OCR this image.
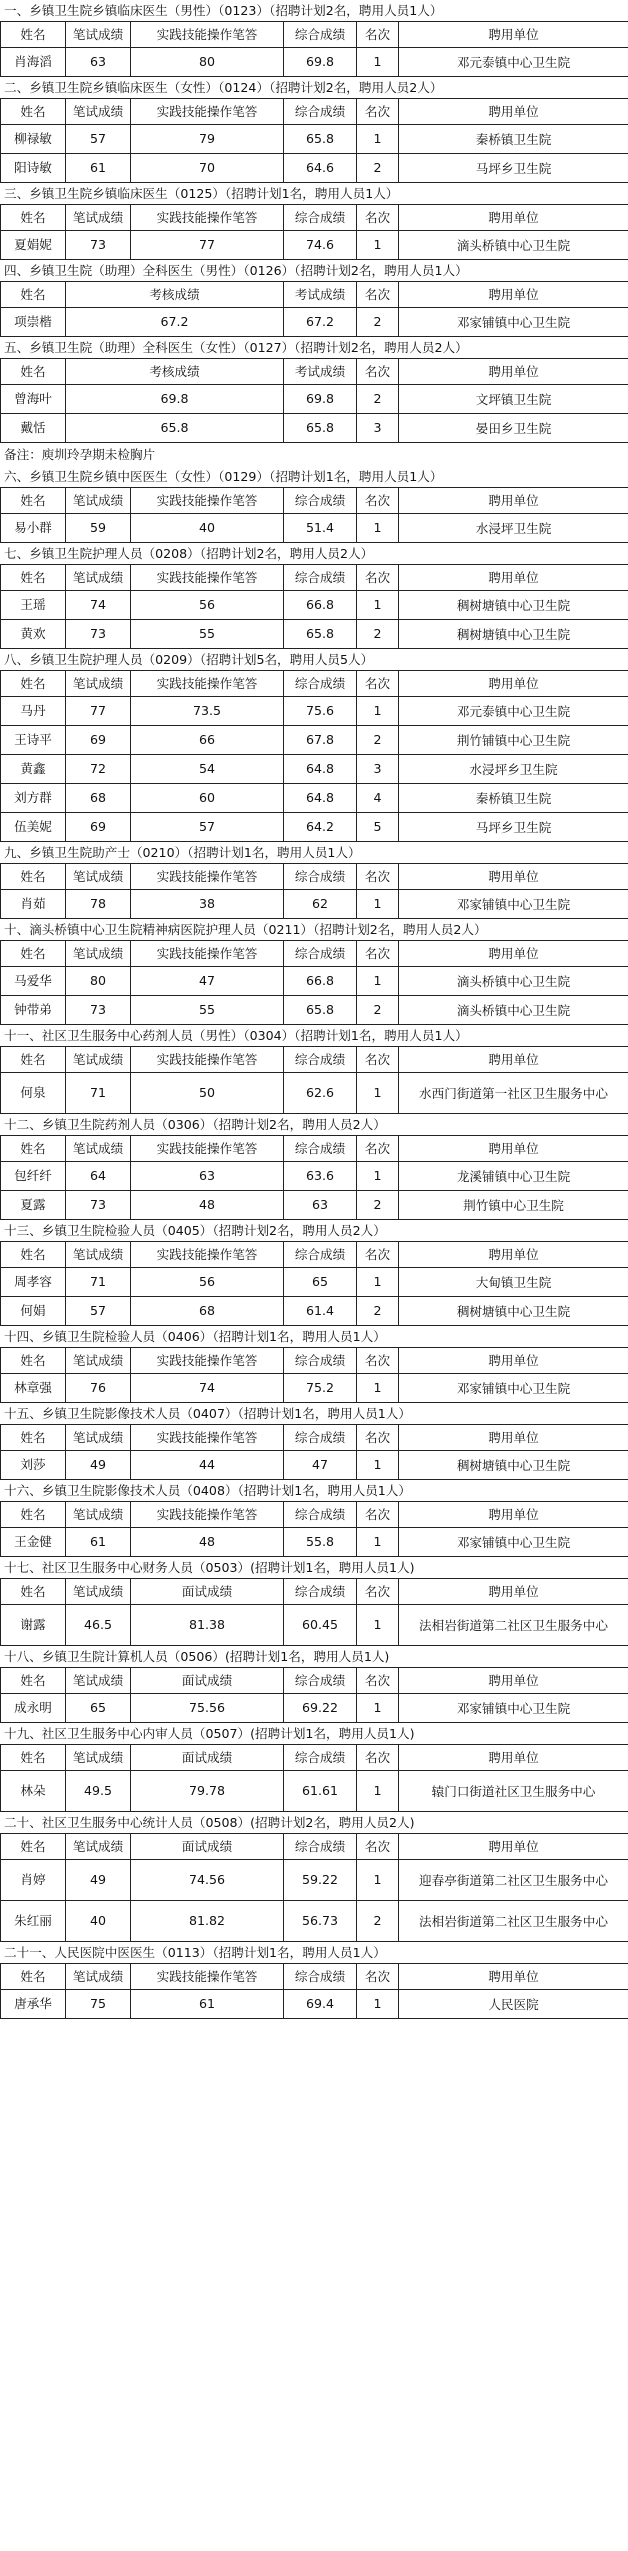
一、乡镇卫生院乡镇临床医生（男性）（0123）（招聘计划2名，聘用人员1人）
姓名	笔试成绩	实践技能操作笔答	综合成绩	名次	聘用单位
肖海滔	63	80	69.8	1	邓元泰镇中心卫生院
二、乡镇卫生院乡镇临床医生（女性）（0124）（招聘计划2名，聘用人员2人）
姓名	笔试成绩	实践技能操作笔答	综合成绩	名次	聘用单位
柳禄敏	57	79	65.8	1	秦桥镇卫生院
阳诗敏	61	70	64.6	2	马坪乡卫生院
三、乡镇卫生院乡镇临床医生（0125）（招聘计划1名，聘用人员1人）
姓名	笔试成绩	实践技能操作笔答	综合成绩	名次	聘用单位
夏娟妮	73	77	74.6	1	滴头桥镇中心卫生院
四、乡镇卫生院（助理）全科医生（男性）（0126）（招聘计划2名，聘用人员1人）
姓名	考核成绩	考试成绩	名次	聘用单位
项崇楷	67.2	67.2	2	邓家铺镇中心卫生院
五、乡镇卫生院（助理）全科医生（女性）（0127）（招聘计划2名，聘用人员2人）
姓名	考核成绩	考试成绩	名次	聘用单位
曾海叶	69.8	69.8	2	文坪镇卫生院
戴恬	65.8	65.8	3	晏田乡卫生院
备注：庾圳玲孕期未检胸片
六、乡镇卫生院乡镇中医医生（女性）（0129）（招聘计划1名，聘用人员1人）
姓名	笔试成绩	实践技能操作笔答	综合成绩	名次	聘用单位
易小群	59	40	51.4	1	水浸坪卫生院
七、乡镇卫生院护理人员（0208）（招聘计划2名，聘用人员2人）
姓名	笔试成绩	实践技能操作笔答	综合成绩	名次	聘用单位
王瑶	74	56	66.8	1	稠树塘镇中心卫生院
黄欢	73	55	65.8	2	稠树塘镇中心卫生院
八、乡镇卫生院护理人员（0209）（招聘计划5名，聘用人员5人）
姓名	笔试成绩	实践技能操作笔答	综合成绩	名次	聘用单位
马丹	77	73.5	75.6	1	邓元泰镇中心卫生院
王诗平	69	66	67.8	2	荆竹铺镇中心卫生院
黄鑫	72	54	64.8	3	水浸坪乡卫生院
刘方群	68	60	64.8	4	秦桥镇卫生院
伍美妮	69	57	64.2	5	马坪乡卫生院
九、乡镇卫生院助产士（0210）（招聘计划1名，聘用人员1人）
姓名	笔试成绩	实践技能操作笔答	综合成绩	名次	聘用单位
肖茹	78	38	62	1	邓家铺镇中心卫生院
十、滴头桥镇中心卫生院精神病医院护理人员（0211）（招聘计划2名，聘用人员2人）
姓名	笔试成绩	实践技能操作笔答	综合成绩	名次	聘用单位
马爱华	80	47	66.8	1	滴头桥镇中心卫生院
钟带弟	73	55	65.8	2	滴头桥镇中心卫生院
十一、社区卫生服务中心药剂人员（男性）（0304）（招聘计划1名，聘用人员1人）
姓名	笔试成绩	实践技能操作笔答	综合成绩	名次	聘用单位
何泉	71	50	62.6	1	水西门街道第一社区卫生服务中心
十二、乡镇卫生院药剂人员（0306）（招聘计划2名，聘用人员2人）
姓名	笔试成绩	实践技能操作笔答	综合成绩	名次	聘用单位
包纤纤	64	63	63.6	1	龙溪铺镇中心卫生院
夏露	73	48	63	2	荆竹镇中心卫生院
十三、乡镇卫生院检验人员（0405）（招聘计划2名，聘用人员2人）
姓名	笔试成绩	实践技能操作笔答	综合成绩	名次	聘用单位
周孝容	71	56	65	1	大甸镇卫生院
何娟	57	68	61.4	2	稠树塘镇中心卫生院
十四、乡镇卫生院检验人员（0406）（招聘计划1名，聘用人员1人）
姓名	笔试成绩	实践技能操作笔答	综合成绩	名次	聘用单位
林章强	76	74	75.2	1	邓家铺镇中心卫生院
十五、乡镇卫生院影像技术人员（0407）（招聘计划1名，聘用人员1人）
姓名	笔试成绩	实践技能操作笔答	综合成绩	名次	聘用单位
刘莎	49	44	47	1	稠树塘镇中心卫生院
十六、乡镇卫生院影像技术人员（0408）（招聘计划1名，聘用人员1人）
姓名	笔试成绩	实践技能操作笔答	综合成绩	名次	聘用单位
王金健	61	48	55.8	1	邓家铺镇中心卫生院
十七、社区卫生服务中心财务人员（0503）(招聘计划1名，聘用人员1人)
姓名	笔试成绩	面试成绩	综合成绩	名次	聘用单位
谢露	46.5	81.38	60.45	1	法相岩街道第二社区卫生服务中心
十八、乡镇卫生院计算机人员（0506）(招聘计划1名，聘用人员1人)
姓名	笔试成绩	面试成绩	综合成绩	名次	聘用单位
成永明	65	75.56	69.22	1	邓家铺镇中心卫生院
十九、社区卫生服务中心内审人员（0507）(招聘计划1名，聘用人员1人)
姓名	笔试成绩	面试成绩	综合成绩	名次	聘用单位
林朵	49.5	79.78	61.61	1	辕门口街道社区卫生服务中心
二十、社区卫生服务中心统计人员（0508）(招聘计划2名，聘用人员2人)
姓名	笔试成绩	面试成绩	综合成绩	名次	聘用单位
肖婷	49	74.56	59.22	1	迎春亭街道第二社区卫生服务中心
朱红丽	40	81.82	56.73	2	法相岩街道第二社区卫生服务中心
二十一、人民医院中医医生（0113）（招聘计划1名，聘用人员1人）
姓名	笔试成绩	实践技能操作笔答	综合成绩	名次	聘用单位
唐承华	75	61	69.4	1	人民医院
